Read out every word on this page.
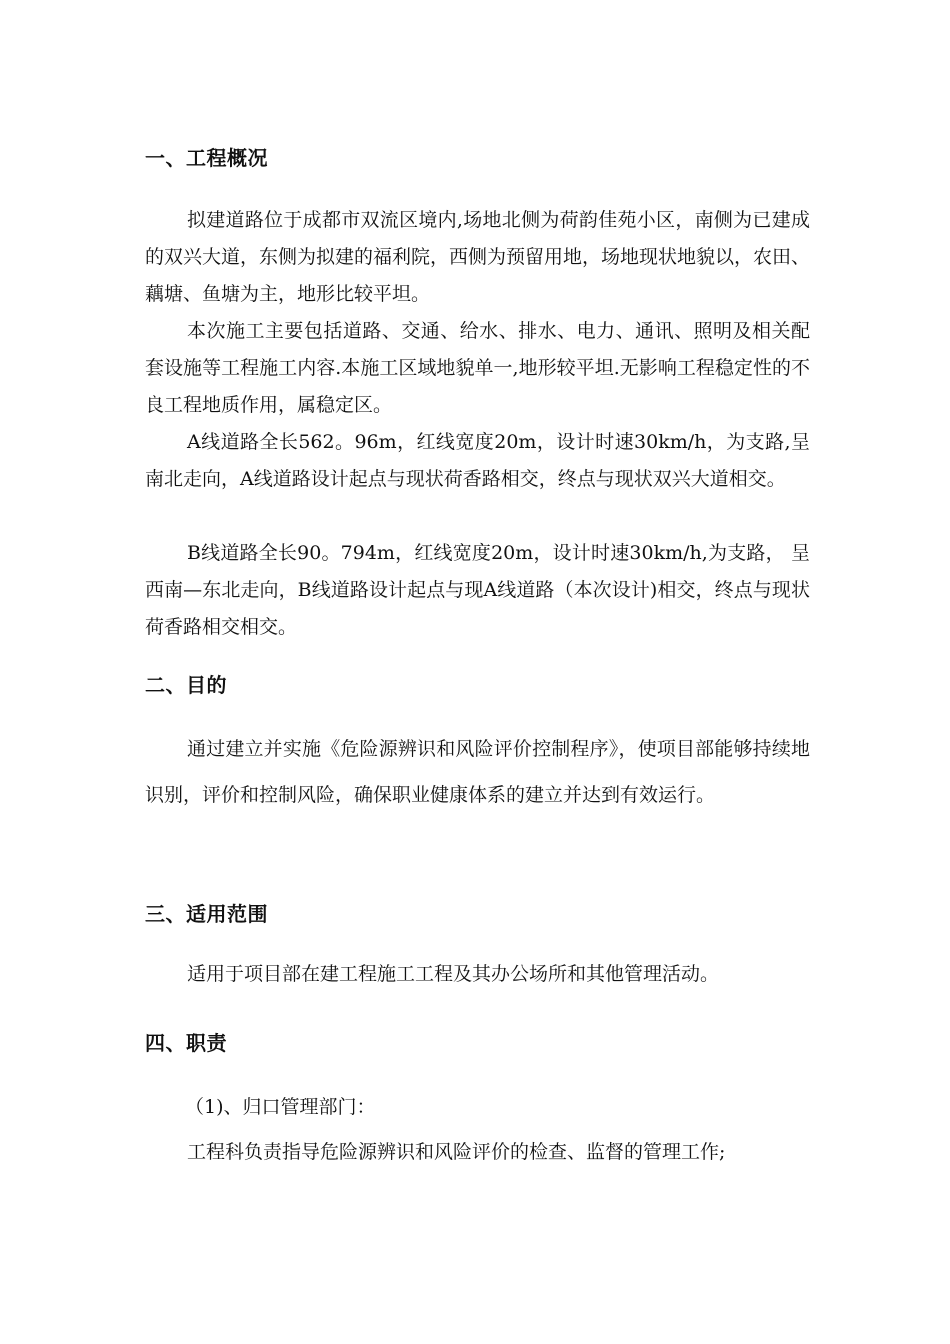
一、工程概况

拟建道路位于成都市双流区境内,场地北侧为荷韵佳苑小区，南侧为已建成的双兴大道，东侧为拟建的福利院，西侧为预留用地，场地现状地貌以，农田、藕塘、鱼塘为主，地形比较平坦。

本次施工主要包括道路、交通、给水、排水、电力、通讯、照明及相关配套设施等工程施工内容.本施工区域地貌单一,地形较平坦.无影响工程稳定性的不良工程地质作用，属稳定区。

A线道路全长562。96m，红线宽度20m，设计时速30km/h，为支路,呈南北走向，A线道路设计起点与现状荷香路相交，终点与现状双兴大道相交。

B线道路全长90。794m，红线宽度20m，设计时速30km/h,为支路， 呈西南—东北走向，B线道路设计起点与现A线道路（本次设计)相交，终点与现状荷香路相交相交。

二、目的

通过建立并实施《危险源辨识和风险评价控制程序》，使项目部能够持续地识别，评价和控制风险，确保职业健康体系的建立并达到有效运行。

三、适用范围

适用于项目部在建工程施工工程及其办公场所和其他管理活动。

四、职责

（1)、归口管理部门：

工程科负责指导危险源辨识和风险评价的检查、监督的管理工作;
